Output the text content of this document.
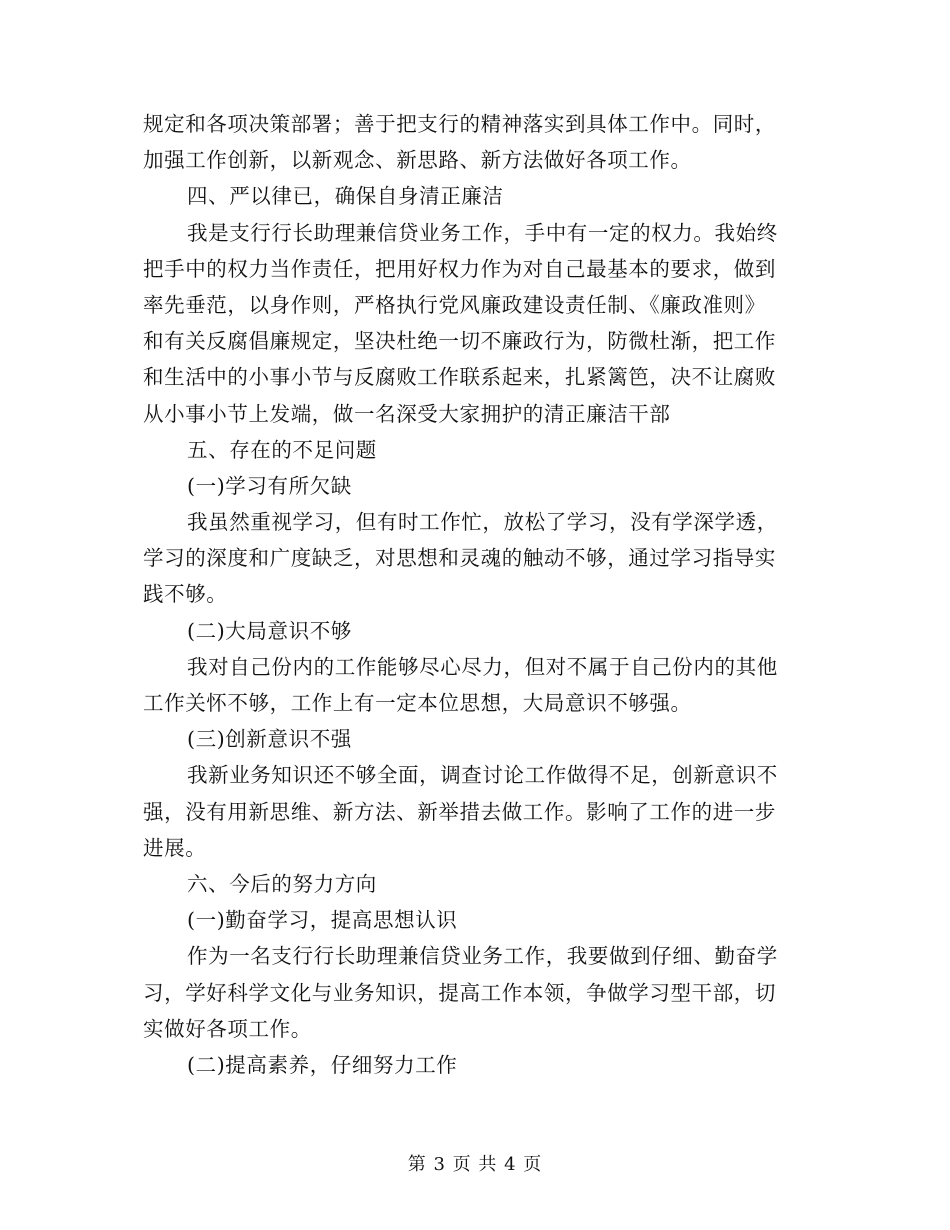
规定和各项决策部署；善于把支行的精神落实到具体工作中。同时，
加强工作创新，以新观念、新思路、新方法做好各项工作。
四、严以律已，确保自身清正廉洁
我是支行行长助理兼信贷业务工作，手中有一定的权力。我始终
把手中的权力当作责任，把用好权力作为对自己最基本的要求，做到
率先垂范，以身作则，严格执行党风廉政建设责任制、《廉政准则》
和有关反腐倡廉规定，坚决杜绝一切不廉政行为，防微杜渐，把工作
和生活中的小事小节与反腐败工作联系起来，扎紧篱笆，决不让腐败
从小事小节上发端，做一名深受大家拥护的清正廉洁干部
五、存在的不足问题
(一)学习有所欠缺
我虽然重视学习，但有时工作忙，放松了学习，没有学深学透，
学习的深度和广度缺乏，对思想和灵魂的触动不够，通过学习指导实
践不够。
(二)大局意识不够
我对自己份内的工作能够尽心尽力，但对不属于自己份内的其他
工作关怀不够，工作上有一定本位思想，大局意识不够强。
(三)创新意识不强
我新业务知识还不够全面，调查讨论工作做得不足，创新意识不
强，没有用新思维、新方法、新举措去做工作。影响了工作的进一步
进展。
六、今后的努力方向
(一)勤奋学习，提高思想认识
作为一名支行行长助理兼信贷业务工作，我要做到仔细、勤奋学
习，学好科学文化与业务知识，提高工作本领，争做学习型干部，切
实做好各项工作。
(二)提高素养，仔细努力工作
第 3 页 共 4 页
